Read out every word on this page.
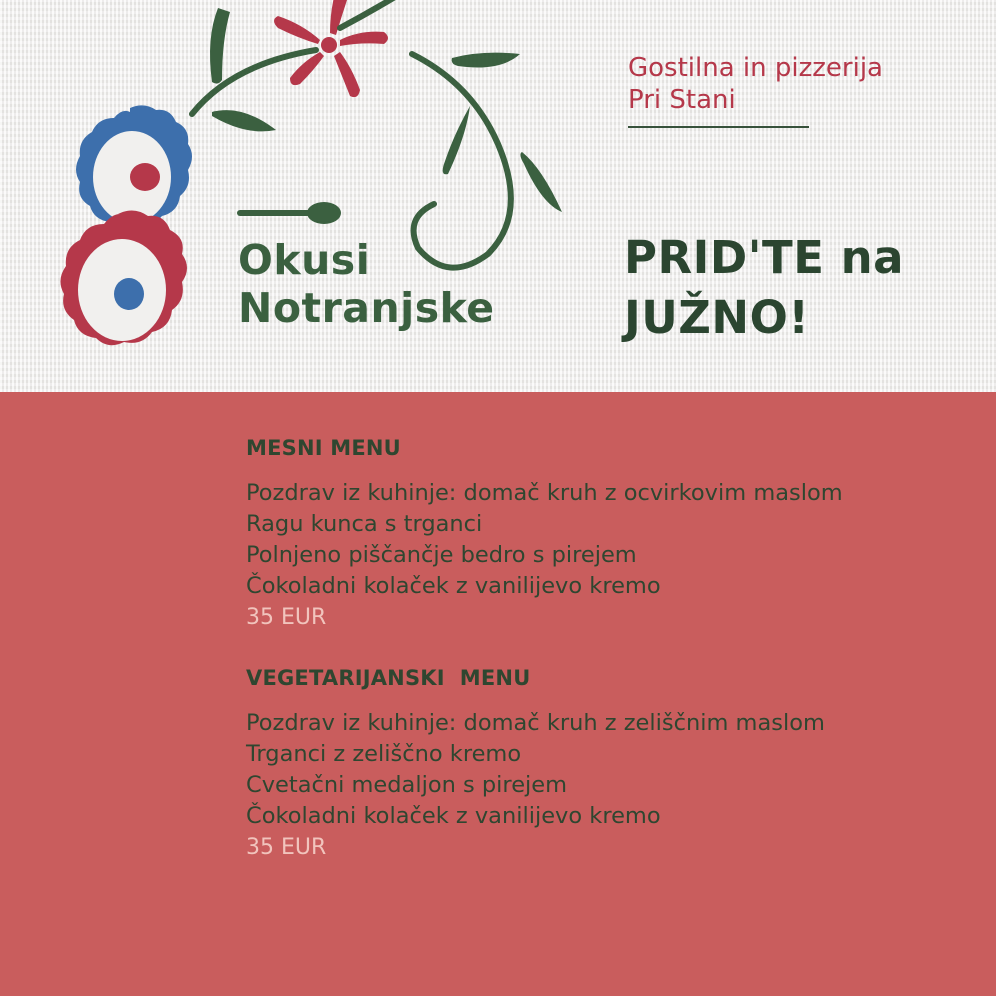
Okusi
Notranjske
Gostilna in pizzerija
Pri Stani
PRID'TE na
JUŽNO!
MESNI MENU
Pozdrav iz kuhinje: domač kruh z ocvirkovim maslom
Ragu kunca s trganci
Polnjeno piščančje bedro s pirejem
Čokoladni kolaček z vanilijevo kremo
35 EUR
VEGETARIJANSKI  MENU
Pozdrav iz kuhinje: domač kruh z zeliščnim maslom
Trganci z zeliščno kremo
Cvetačni medaljon s pirejem
Čokoladni kolaček z vanilijevo kremo
35 EUR
